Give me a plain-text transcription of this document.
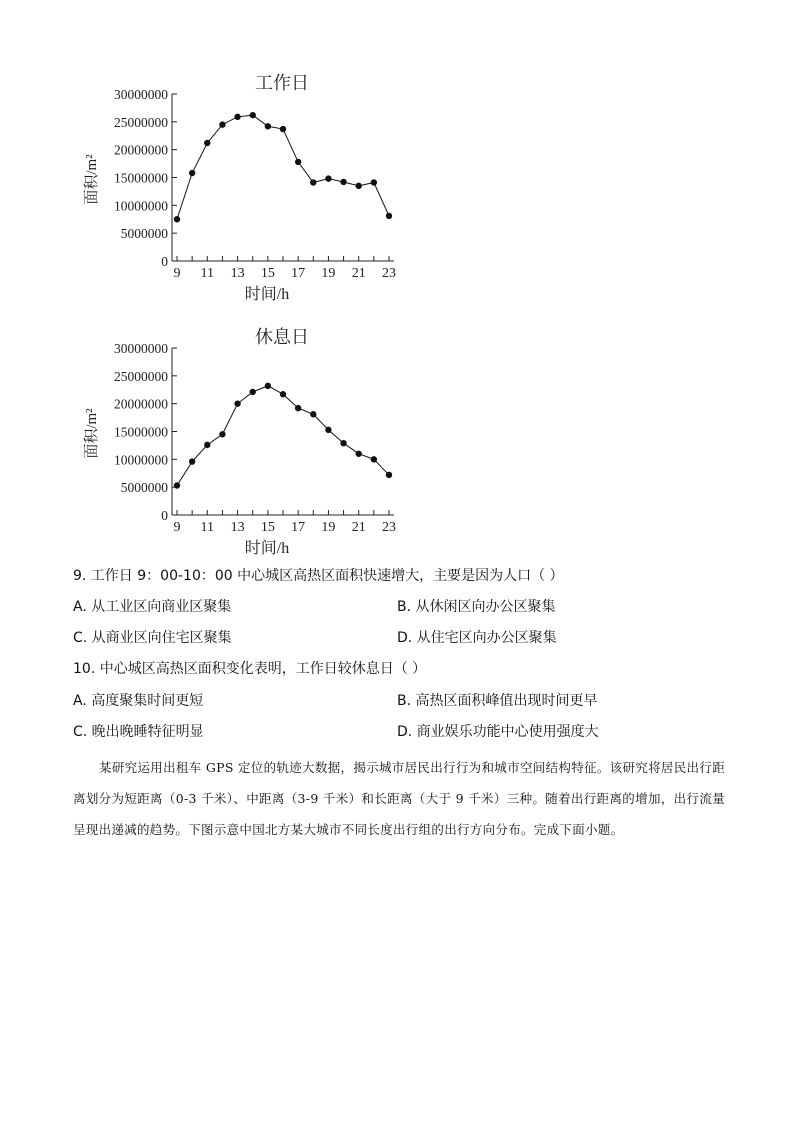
工作日
0
5000000
10000000
15000000
20000000
25000000
30000000
9 11 13 15 17 19 21 23
时间/h
面积/m²
休息日
0
5000000
10000000
15000000
20000000
25000000
30000000
9 11 13 15 17 19 21 23
时间/h
面积/m²
9. 工作日 9：00-10：00 中心城区高热区面积快速增大，主要是因为人口（ ）
A. 从工业区向商业区聚集	B. 从休闲区向办公区聚集
C. 从商业区向住宅区聚集	D. 从住宅区向办公区聚集
10. 中心城区高热区面积变化表明，工作日较休息日（ ）
A. 高度聚集时间更短	B. 高热区面积峰值出现时间更早
C. 晚出晚睡特征明显	D. 商业娱乐功能中心使用强度大

某研究运用出租车 GPS 定位的轨迹大数据，揭示城市居民出行行为和城市空间结构特征。该研究将居民出行距离划分为短距离（0-3 千米）、中距离（3-9 千米）和长距离（大于 9 千米）三种。随着出行距离的增加，出行流量呈现出递减的趋势。下图示意中国北方某大城市不同长度出行组的出行方向分布。完成下面小题。
